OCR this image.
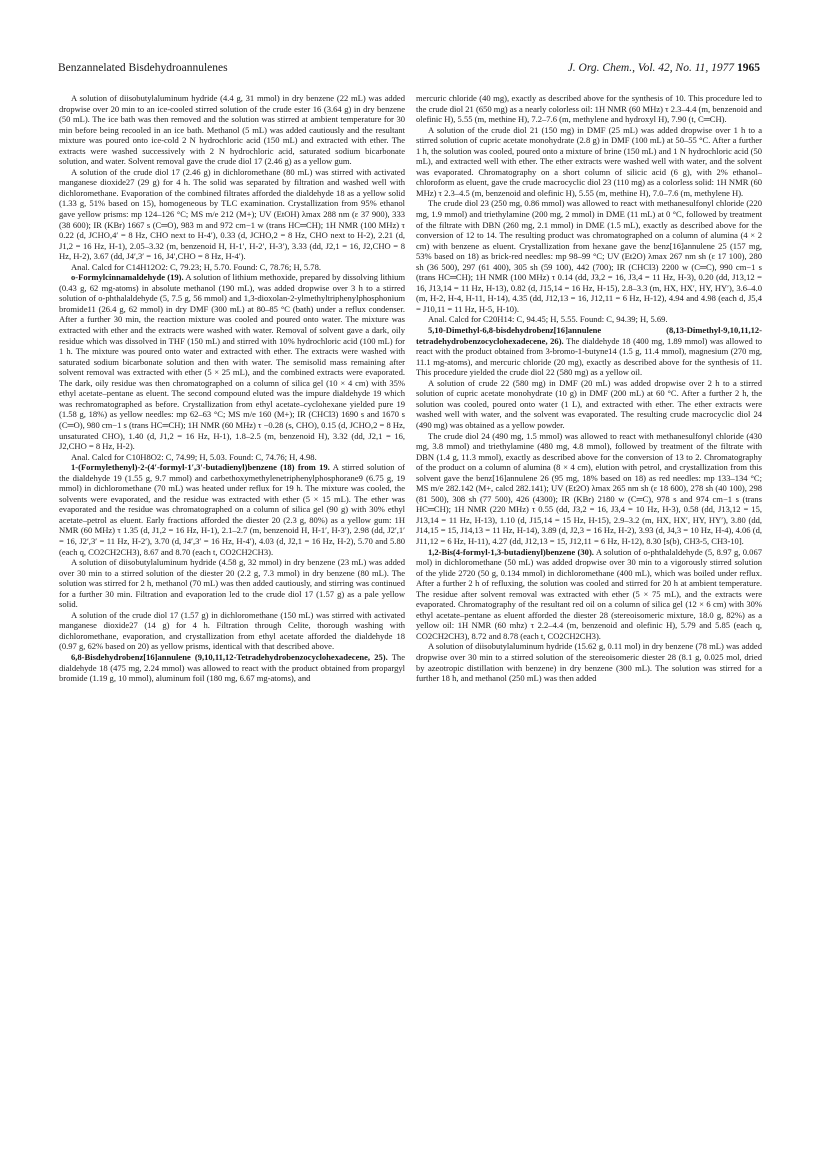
Benzannelated Bisdehydroannulenes	J. Org. Chem., Vol. 42, No. 11, 1977 1965

A solution of diisobutylaluminum hydride (4.4 g, 31 mmol) in dry benzene (22 mL) was added dropwise over 20 min to an ice-cooled stirred solution of the crude ester 16 (3.64 g) in dry benzene (50 mL). The ice bath was then removed and the solution was stirred at ambient temperature for 30 min before being recooled in an ice bath. Methanol (5 mL) was added cautiously and the resultant mixture was poured onto ice-cold 2 N hydrochloric acid (150 mL) and extracted with ether. The extracts were washed successively with 2 N hydrochloric acid, saturated sodium bicarbonate solution, and water. Solvent removal gave the crude diol 17 (2.46 g) as a yellow gum.

A solution of the crude diol 17 (2.46 g) in dichloromethane (80 mL) was stirred with activated manganese dioxide27 (29 g) for 4 h. The solid was separated by filtration and washed well with dichloromethane. Evaporation of the combined filtrates afforded the dialdehyde 18 as a yellow solid (1.33 g, 51% based on 15), homogeneous by TLC examination. Crystallization from 95% ethanol gave yellow prisms: mp 124–126 °C; MS m/e 212 (M+); UV (EtOH) λmax 288 nm (ε 37 900), 333 (38 600); IR (KBr) 1667 s (C═O), 983 m and 972 cm−1 w (trans HC═CH); 1H NMR (100 MHz) τ 0.22 (d, JCHO,4′ = 8 Hz, CHO next to H-4′), 0.33 (d, JCHO,2 = 8 Hz, CHO next to H-2), 2.21 (d, J1,2 = 16 Hz, H-1), 2.05–3.32 (m, benzenoid H, H-1′, H-2′, H-3′), 3.33 (dd, J2,1 = 16, J2,CHO = 8 Hz, H-2), 3.67 (dd, J4′,3′ = 16, J4′,CHO = 8 Hz, H-4′).

Anal. Calcd for C14H12O2: C, 79.23; H, 5.70. Found: C, 78.76; H, 5.78.

o-Formylcinnamaldehyde (19). A solution of lithium methoxide, prepared by dissolving lithium (0.43 g, 62 mg-atoms) in absolute methanol (190 mL), was added dropwise over 3 h to a stirred solution of o-phthalaldehyde (5, 7.5 g, 56 mmol) and 1,3-dioxolan-2-ylmethyltriphenylphosphonium bromide11 (26.4 g, 62 mmol) in dry DMF (300 mL) at 80–85 °C (bath) under a reflux condenser. After a further 30 min, the reaction mixture was cooled and poured onto water. The mixture was extracted with ether and the extracts were washed with water. Removal of solvent gave a dark, oily residue which was dissolved in THF (150 mL) and stirred with 10% hydrochloric acid (100 mL) for 1 h. The mixture was poured onto water and extracted with ether. The extracts were washed with saturated sodium bicarbonate solution and then with water. The semisolid mass remaining after solvent removal was extracted with ether (5 × 25 mL), and the combined extracts were evaporated. The dark, oily residue was then chromatographed on a column of silica gel (10 × 4 cm) with 35% ethyl acetate–pentane as eluent. The second compound eluted was the impure dialdehyde 19 which was rechromatographed as before. Crystallization from ethyl acetate–cyclohexane yielded pure 19 (1.58 g, 18%) as yellow needles: mp 62–63 °C; MS m/e 160 (M+); IR (CHCl3) 1690 s and 1670 s (C═O), 980 cm−1 s (trans HC═CH); 1H NMR (60 MHz) τ −0.28 (s, CHO), 0.15 (d, JCHO,2 = 8 Hz, unsaturated CHO), 1.40 (d, J1,2 = 16 Hz, H-1), 1.8–2.5 (m, benzenoid H), 3.32 (dd, J2,1 = 16, J2,CHO = 8 Hz, H-2).

Anal. Calcd for C10H8O2: C, 74.99; H, 5.03. Found: C, 74.76; H, 4.98.

1-(Formylethenyl)-2-(4′-formyl-1′,3′-butadienyl)benzene (18) from 19. A stirred solution of the dialdehyde 19 (1.55 g, 9.7 mmol) and carbethoxymethylenetriphenylphosphorane9 (6.75 g, 19 mmol) in dichloromethane (70 mL) was heated under reflux for 19 h. The mixture was cooled, the solvents were evaporated, and the residue was extracted with ether (5 × 15 mL). The ether was evaporated and the residue was chromatographed on a column of silica gel (90 g) with 30% ethyl acetate–petrol as eluent. Early fractions afforded the diester 20 (2.3 g, 80%) as a yellow gum: 1H NMR (60 MHz) τ 1.35 (d, J1,2 = 16 Hz, H-1), 2.1–2.7 (m, benzenoid H, H-1′, H-3′), 2.98 (dd, J2′,1′ = 16, J2′,3′ = 11 Hz, H-2′), 3.70 (d, J4′,3′ = 16 Hz, H-4′), 4.03 (d, J2,1 = 16 Hz, H-2), 5.70 and 5.80 (each q, CO2CH2CH3), 8.67 and 8.70 (each t, CO2CH2CH3).

A solution of diisobutylaluminum hydride (4.58 g, 32 mmol) in dry benzene (23 mL) was added over 30 min to a stirred solution of the diester 20 (2.2 g, 7.3 mmol) in dry benzene (80 mL). The solution was stirred for 2 h, methanol (70 mL) was then added cautiously, and stirring was continued for a further 30 min. Filtration and evaporation led to the crude diol 17 (1.57 g) as a pale yellow solid.

A solution of the crude diol 17 (1.57 g) in dichloromethane (150 mL) was stirred with activated manganese dioxide27 (14 g) for 4 h. Filtration through Celite, thorough washing with dichloromethane, evaporation, and crystallization from ethyl acetate afforded the dialdehyde 18 (0.97 g, 62% based on 20) as yellow prisms, identical with that described above.

6,8-Bisdehydrobenz[16]annulene (9,10,11,12-Tetradehydrobenzocyclohexadecene, 25). The dialdehyde 18 (475 mg, 2.24 mmol) was allowed to react with the product obtained from propargyl bromide (1.19 g, 10 mmol), aluminum foil (180 mg, 6.67 mg-atoms), and

mercuric chloride (40 mg), exactly as described above for the synthesis of 10. This procedure led to the crude diol 21 (650 mg) as a nearly colorless oil: 1H NMR (60 MHz) τ 2.3–4.4 (m, benzenoid and olefinic H), 5.55 (m, methine H), 7.2–7.6 (m, methylene and hydroxyl H), 7.90 (t, C═CH).

A solution of the crude diol 21 (150 mg) in DMF (25 mL) was added dropwise over 1 h to a stirred solution of cupric acetate monohydrate (2.8 g) in DMF (100 mL) at 50–55 °C. After a further 1 h, the solution was cooled, poured onto a mixture of brine (150 mL) and 1 N hydrochloric acid (50 mL), and extracted well with ether. The ether extracts were washed well with water, and the solvent was evaporated. Chromatography on a short column of silicic acid (6 g), with 2% ethanol–chloroform as eluent, gave the crude macrocyclic diol 23 (110 mg) as a colorless solid: 1H NMR (60 MHz) τ 2.3–4.5 (m, benzenoid and olefinic H), 5.55 (m, methine H), 7.0–7.6 (m, methylene H).

The crude diol 23 (250 mg, 0.86 mmol) was allowed to react with methanesulfonyl chloride (220 mg, 1.9 mmol) and triethylamine (200 mg, 2 mmol) in DME (11 mL) at 0 °C, followed by treatment of the filtrate with DBN (260 mg, 2.1 mmol) in DME (1.5 mL), exactly as described above for the conversion of 12 to 14. The resulting product was chromatographed on a column of alumina (4 × 2 cm) with benzene as eluent. Crystallization from hexane gave the benz[16]annulene 25 (157 mg, 53% based on 18) as brick-red needles: mp 98–99 °C; UV (Et2O) λmax 267 nm sh (ε 17 100), 280 sh (36 500), 297 (61 400), 305 sh (59 100), 442 (700); IR (CHCl3) 2200 w (C═C), 990 cm−1 s (trans HC═CH); 1H NMR (100 MHz) τ 0.14 (dd, J3,2 = 16, J3,4 = 11 Hz, H-3), 0.20 (dd, J13,12 = 16, J13,14 = 11 Hz, H-13), 0.82 (d, J15,14 = 16 Hz, H-15), 2.8–3.3 (m, HX, HX′, HY, HY′), 3.6–4.0 (m, H-2, H-4, H-11, H-14), 4.35 (dd, J12,13 = 16, J12,11 = 6 Hz, H-12), 4.94 and 4.98 (each d, J5,4 = J10,11 = 11 Hz, H-5, H-10).

Anal. Calcd for C20H14: C, 94.45; H, 5.55. Found: C, 94.39; H, 5.69.

5,10-Dimethyl-6,8-bisdehydrobenz[16]annulene (8,13-Dimethyl-9,10,11,12-tetradehydrobenzocyclohexadecene, 26). The dialdehyde 18 (400 mg, 1.89 mmol) was allowed to react with the product obtained from 3-bromo-1-butyne14 (1.5 g, 11.4 mmol), magnesium (270 mg, 11.1 mg-atoms), and mercuric chloride (20 mg), exactly as described above for the synthesis of 11. This procedure yielded the crude diol 22 (580 mg) as a yellow oil.

A solution of crude 22 (580 mg) in DMF (20 mL) was added dropwise over 2 h to a stirred solution of cupric acetate monohydrate (10 g) in DMF (200 mL) at 60 °C. After a further 2 h, the solution was cooled, poured onto water (1 L), and extracted with ether. The ether extracts were washed well with water, and the solvent was evaporated. The resulting crude macrocyclic diol 24 (490 mg) was obtained as a yellow powder.

The crude diol 24 (490 mg, 1.5 mmol) was allowed to react with methanesulfonyl chloride (430 mg, 3.8 mmol) and triethylamine (480 mg, 4.8 mmol), followed by treatment of the filtrate with DBN (1.4 g, 11.3 mmol), exactly as described above for the conversion of 13 to 2. Chromatography of the product on a column of alumina (8 × 4 cm), elution with petrol, and crystallization from this solvent gave the benz[16]annulene 26 (95 mg, 18% based on 18) as red needles: mp 133–134 °C; MS m/e 282.142 (M+, calcd 282.141); UV (Et2O) λmax 265 nm sh (ε 18 600), 278 sh (40 100), 298 (81 500), 308 sh (77 500), 426 (4300); IR (KBr) 2180 w (C═C), 978 s and 974 cm−1 s (trans HC═CH); 1H NMR (220 MHz) τ 0.55 (dd, J3,2 = 16, J3,4 = 10 Hz, H-3), 0.58 (dd, J13,12 = 15, J13,14 = 11 Hz, H-13), 1.10 (d, J15,14 = 15 Hz, H-15), 2.9–3.2 (m, HX, HX′, HY, HY′), 3.80 (dd, J14,15 = 15, J14,13 = 11 Hz, H-14), 3.89 (d, J2,3 = 16 Hz, H-2), 3.93 (d, J4,3 = 10 Hz, H-4), 4.06 (d, J11,12 = 6 Hz, H-11), 4.27 (dd, J12,13 = 15, J12,11 = 6 Hz, H-12), 8.30 [s(b), CH3-5, CH3-10].

1,2-Bis(4-formyl-1,3-butadienyl)benzene (30). A solution of o-phthalaldehyde (5, 8.97 g, 0.067 mol) in dichloromethane (50 mL) was added dropwise over 30 min to a vigorously stirred solution of the ylide 2720 (50 g, 0.134 mmol) in dichloromethane (400 mL), which was boiled under reflux. After a further 2 h of refluxing, the solution was cooled and stirred for 20 h at ambient temperature. The residue after solvent removal was extracted with ether (5 × 75 mL), and the extracts were evaporated. Chromatography of the resultant red oil on a column of silica gel (12 × 6 cm) with 30% ethyl acetate–pentane as eluent afforded the diester 28 (stereoisomeric mixture, 18.0 g, 82%) as a yellow oil: 1H NMR (60 mhz) τ 2.2–4.4 (m, benzenoid and olefinic H), 5.79 and 5.85 (each q, CO2CH2CH3), 8.72 and 8.78 (each t, CO2CH2CH3).

A solution of diisobutylaluminum hydride (15.62 g, 0.11 mol) in dry benzene (78 mL) was added dropwise over 30 min to a stirred solution of the stereoisomeric diester 28 (8.1 g, 0.025 mol, dried by azeotropic distillation with benzene) in dry benzene (300 mL). The solution was stirred for a further 18 h, and methanol (250 mL) was then added
